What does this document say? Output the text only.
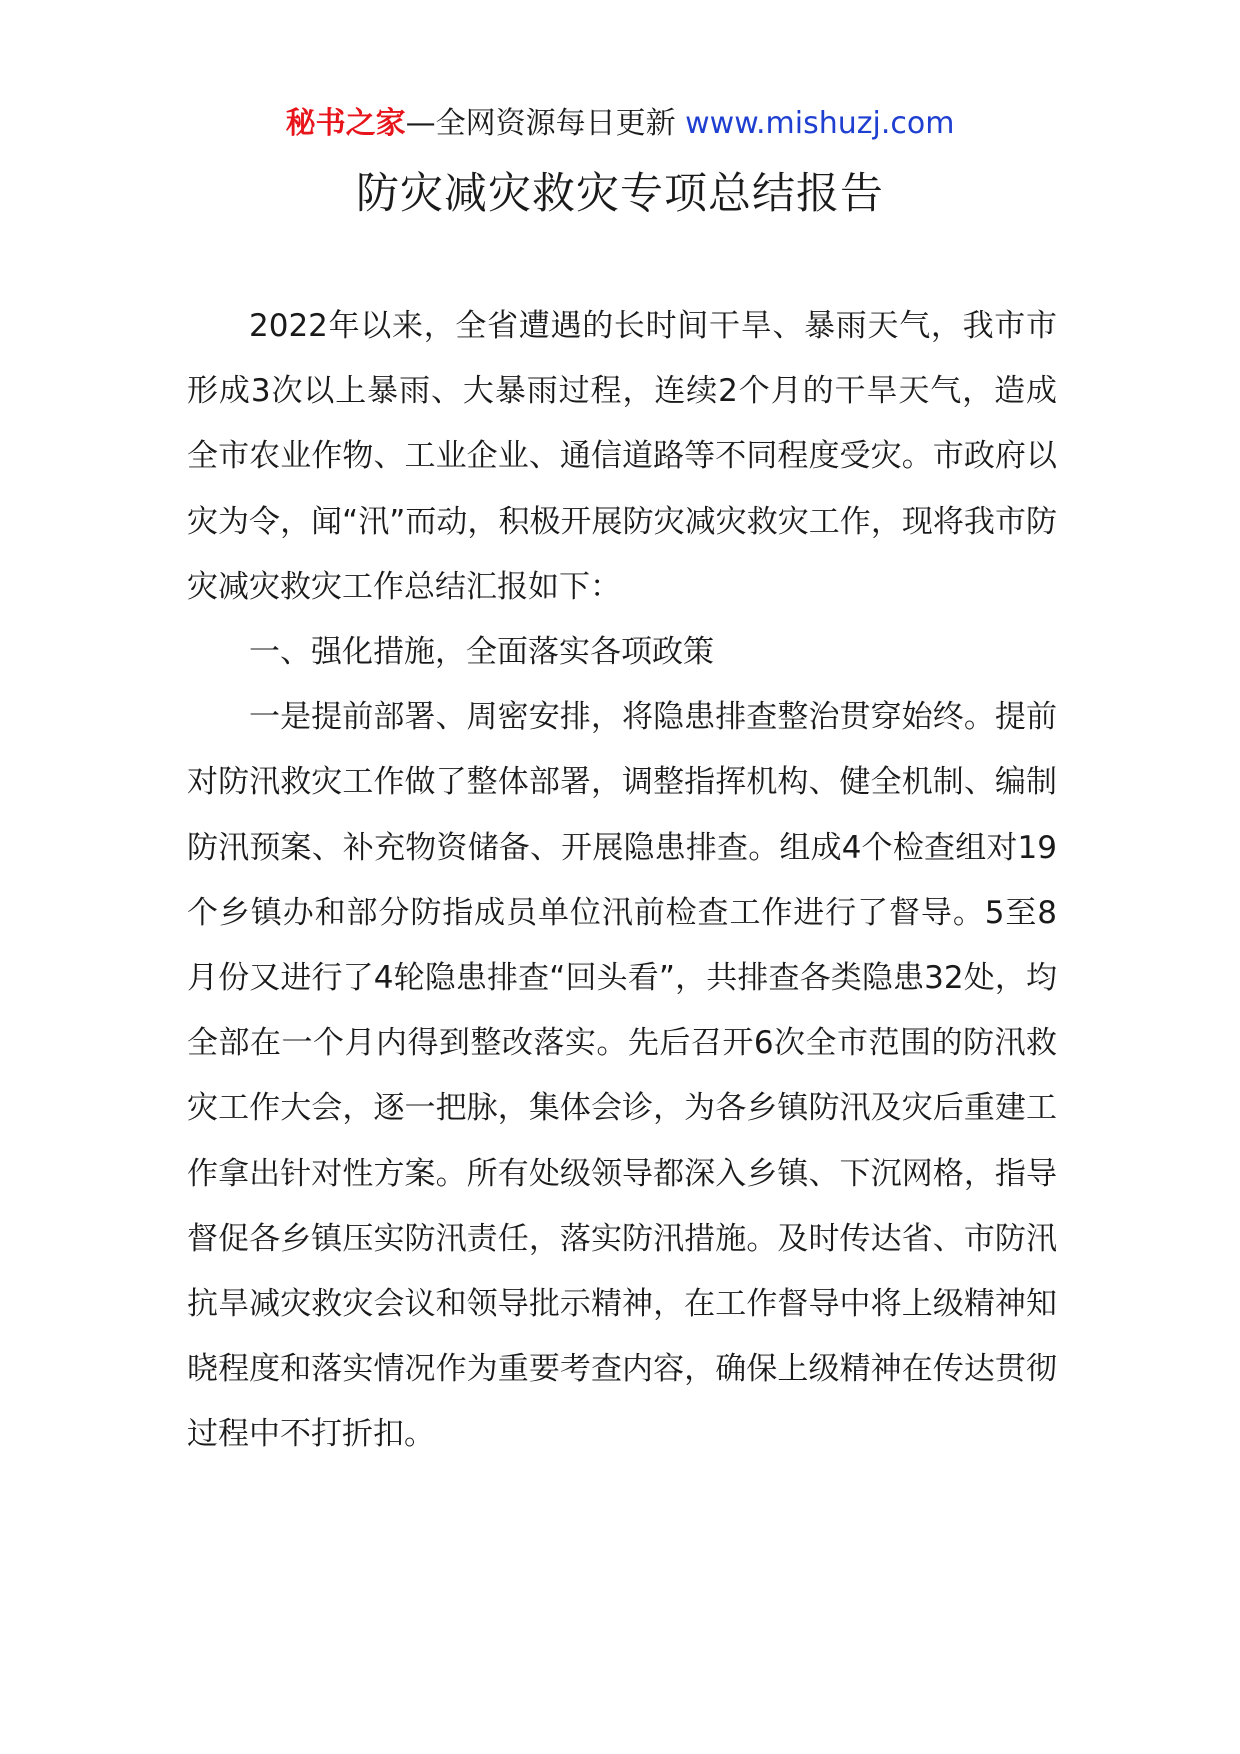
秘书之家—全网资源每日更新 www.mishuzj.com
防灾减灾救灾专项总结报告

2022年以来，全省遭遇的长时间干旱、暴雨天气，我市市形成3次以上暴雨、大暴雨过程，连续2个月的干旱天气，造成全市农业作物、工业企业、通信道路等不同程度受灾。市政府以灾为令，闻“汛”而动，积极开展防灾减灾救灾工作，现将我市防灾减灾救灾工作总结汇报如下：

一、强化措施，全面落实各项政策

一是提前部署、周密安排，将隐患排查整治贯穿始终。提前对防汛救灾工作做了整体部署，调整指挥机构、健全机制、编制防汛预案、补充物资储备、开展隐患排查。组成4个检查组对19个乡镇办和部分防指成员单位汛前检查工作进行了督导。5至8月份又进行了4轮隐患排查“回头看”，共排查各类隐患32处，均全部在一个月内得到整改落实。先后召开6次全市范围的防汛救灾工作大会，逐一把脉，集体会诊，为各乡镇防汛及灾后重建工作拿出针对性方案。所有处级领导都深入乡镇、下沉网格，指导督促各乡镇压实防汛责任，落实防汛措施。及时传达省、市防汛抗旱减灾救灾会议和领导批示精神，在工作督导中将上级精神知晓程度和落实情况作为重要考查内容，确保上级精神在传达贯彻过程中不打折扣。
